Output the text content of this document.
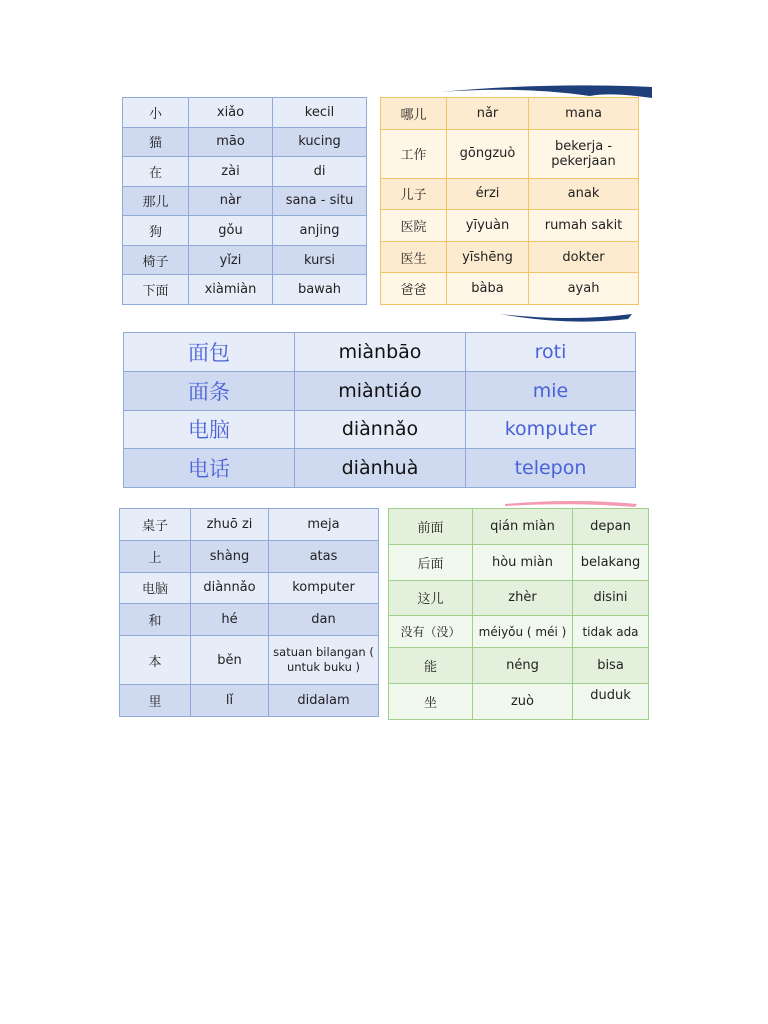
小	xiǎo	kecil
猫	māo	kucing
在	zài	di
那儿	nàr	sana - situ
狗	gǒu	anjing
椅子	yǐzi	kursi
下面	xiàmiàn	bawah
哪儿	nǎr	mana
工作	gōngzuò	bekerja - pekerjaan
儿子	érzi	anak
医院	yīyuàn	rumah sakit
医生	yīshēng	dokter
爸爸	bàba	ayah
面包	miànbāo	roti
面条	miàntiáo	mie
电脑	diànnǎo	komputer
电话	diànhuà	telepon
桌子	zhuō zi	meja
上	shàng	atas
电脑	diànnǎo	komputer
和	hé	dan
本	běn	satuan bilangan ( untuk buku )
里	lǐ	didalam
前面	qián miàn	depan
后面	hòu miàn	belakang
这儿	zhèr	disini
没有（没）	méiyǒu ( méi )	tidak ada
能	néng	bisa
坐	zuò	duduk
